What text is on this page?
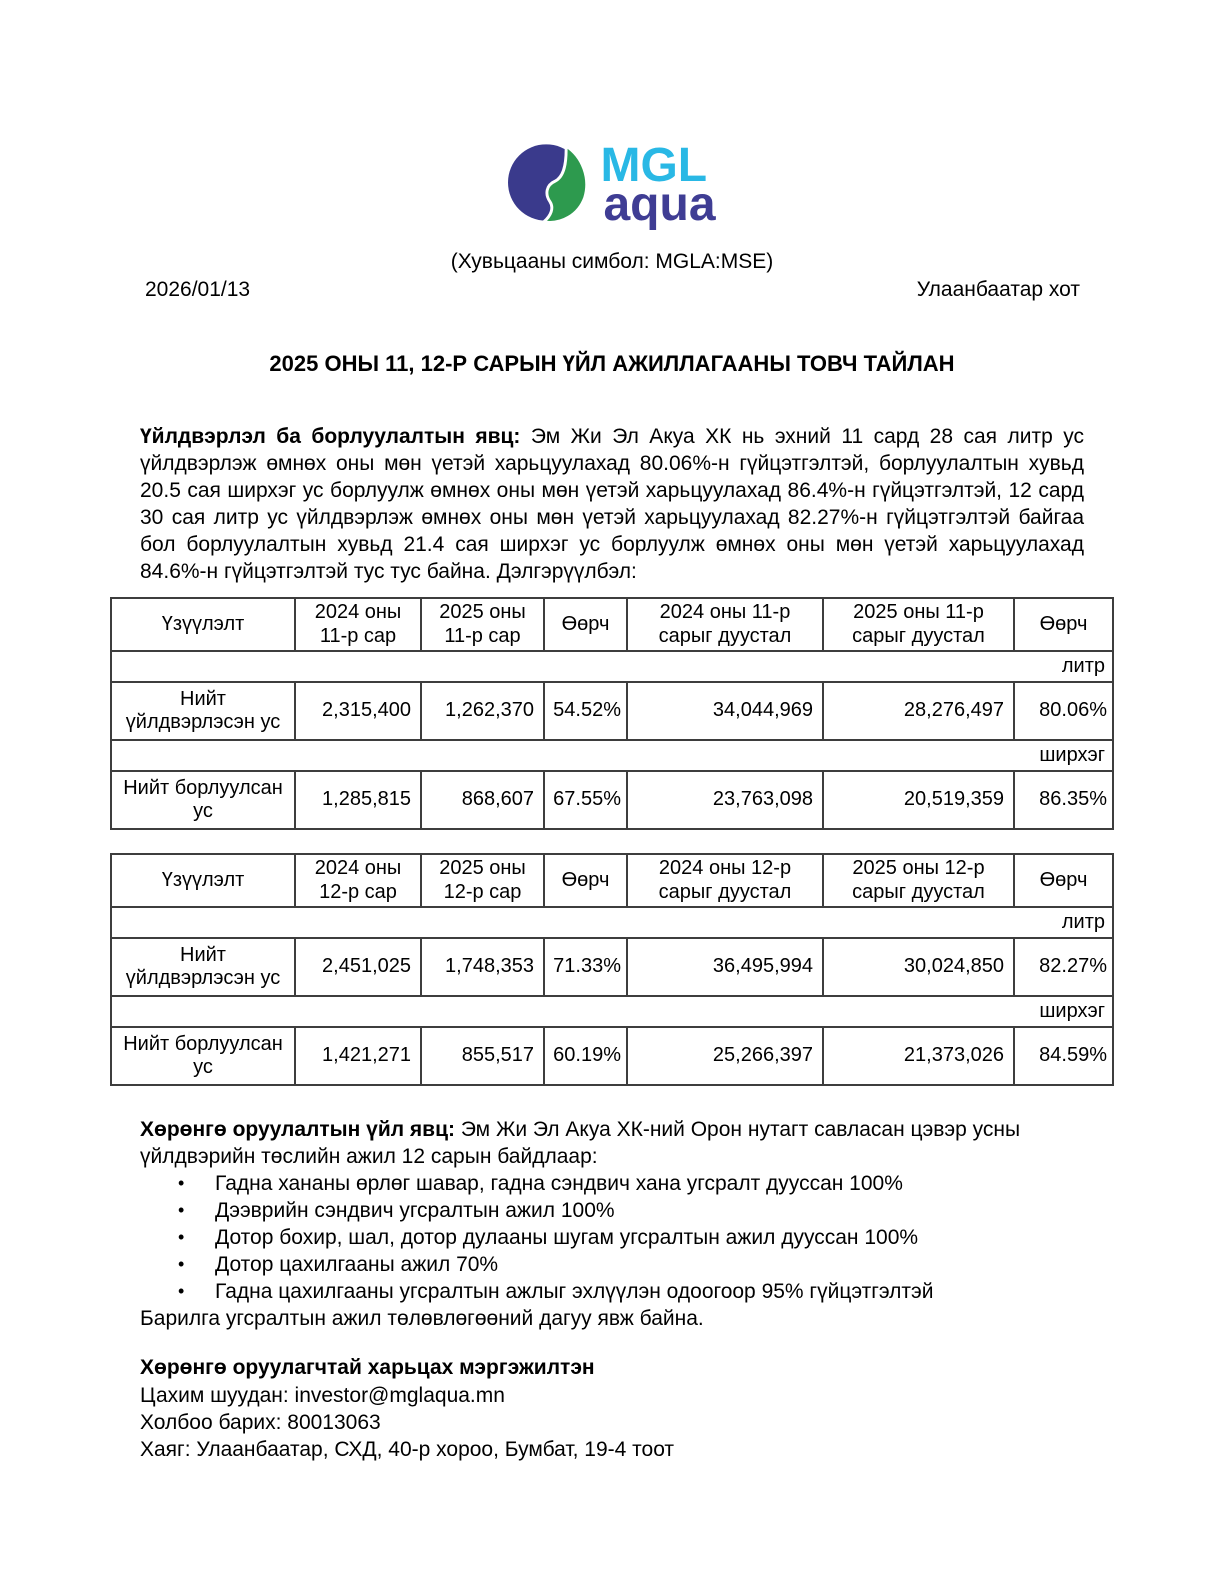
MGL
aqua
(Хувьцааны симбол: MGLA:MSE)
2026/01/13	Улаанбаатар хот
2025 ОНЫ 11, 12-Р САРЫН ҮЙЛ АЖИЛЛАГААНЫ ТОВЧ ТАЙЛАН

Үйлдвэрлэл ба борлуулалтын явц: Эм Жи Эл Акуа ХК нь эхний 11 сард 28 сая литр ус үйлдвэрлэж өмнөх оны мөн үетэй харьцуулахад 80.06%-н гүйцэтгэлтэй, борлуулалтын хувьд 20.5 сая ширхэг ус борлуулж өмнөх оны мөн үетэй харьцуулахад 86.4%-н гүйцэтгэлтэй, 12 сард 30 сая литр ус үйлдвэрлэж өмнөх оны мөн үетэй харьцуулахад 82.27%-н гүйцэтгэлтэй байгаа бол борлуулалтын хувьд 21.4 сая ширхэг ус борлуулж өмнөх оны мөн үетэй харьцуулахад 84.6%-н гүйцэтгэлтэй тус тус байна. Дэлгэрүүлбэл:

Үзүүлэлт	2024 оны 11-р сар	2025 оны 11-р сар	Өөрч	2024 оны 11-р сарыг дуустал	2025 оны 11-р сарыг дуустал	Өөрч
литр						
Нийт үйлдвэрлэсэн ус	2,315,400	1,262,370	54.52%	34,044,969	28,276,497	80.06%
ширхэг						
Нийт борлуулсан ус	1,285,815	868,607	67.55%	23,763,098	20,519,359	86.35%
Үзүүлэлт	2024 оны 12-р сар	2025 оны 12-р сар	Өөрч	2024 оны 12-р сарыг дуустал	2025 оны 12-р сарыг дуустал	Өөрч
литр						
Нийт үйлдвэрлэсэн ус	2,451,025	1,748,353	71.33%	36,495,994	30,024,850	82.27%
ширхэг						
Нийт борлуулсан ус	1,421,271	855,517	60.19%	25,266,397	21,373,026	84.59%

Хөрөнгө оруулалтын үйл явц: Эм Жи Эл Акуа ХК-ний Орон нутагт савласан цэвэр усны үйлдвэрийн төслийн ажил 12 сарын байдлаар:

•	Гадна хананы өрлөг шавар, гадна сэндвич хана угсралт дууссан 100%
•	Дээврийн сэндвич угсралтын ажил 100%
•	Дотор бохир, шал, дотор дулааны шугам угсралтын ажил дууссан 100%
•	Дотор цахилгааны ажил 70%
•	Гадна цахилгааны угсралтын ажлыг эхлүүлэн одоогоор 95% гүйцэтгэлтэй

Барилга угсралтын ажил төлөвлөгөөний дагуу явж байна.

Хөрөнгө оруулагчтай харьцах мэргэжилтэн

Цахим шуудан: investor@mglaqua.mn

Холбоо барих: 80013063

Хаяг: Улаанбаатар, СХД, 40-р хороо, Бумбат, 19-4 тоот
